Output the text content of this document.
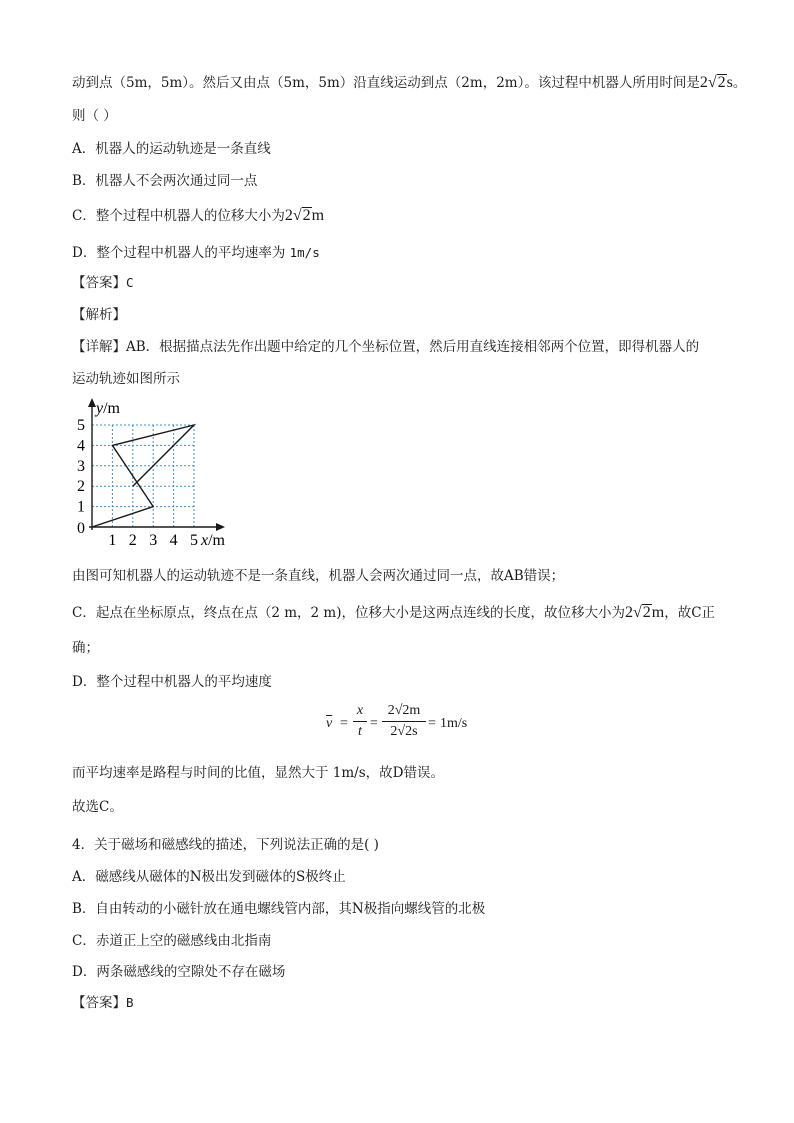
动到点（5m，5m）。然后又由点（5m，5m）沿直线运动到点（2m，2m）。该过程中机器人所用时间是2√2s。
则（ ）
A．机器人的运动轨迹是一条直线
B．机器人不会两次通过同一点
C．整个过程中机器人的位移大小为2√2m
D．整个过程中机器人的平均速率为 1m/s
【答案】C
【解析】
【详解】AB．根据描点法先作出题中给定的几个坐标位置，然后用直线连接相邻两个位置，即得机器人的
运动轨迹如图所示
1 2 3 4 5
1
2
3
4
5
y/m
x/m
0
由图可知机器人的运动轨迹不是一条直线，机器人会两次通过同一点，故AB错误；
C．起点在坐标原点，终点在点（2 m，2 m)，位移大小是这两点连线的长度，故位移大小为2√2m，故C正
确；
D．整个过程中机器人的平均速度
$\overline{v}$ =
x
t
=
2√2m
2√2s
= 1m/s
而平均速率是路程与时间的比值，显然大于 1m/s，故D错误。
故选C。
4．关于磁场和磁感线的描述，下列说法正确的是( )
A．磁感线从磁体的N极出发到磁体的S极终止
B．自由转动的小磁针放在通电螺线管内部，其N极指向螺线管的北极
C．赤道正上空的磁感线由北指南
D．两条磁感线的空隙处不存在磁场
【答案】B
